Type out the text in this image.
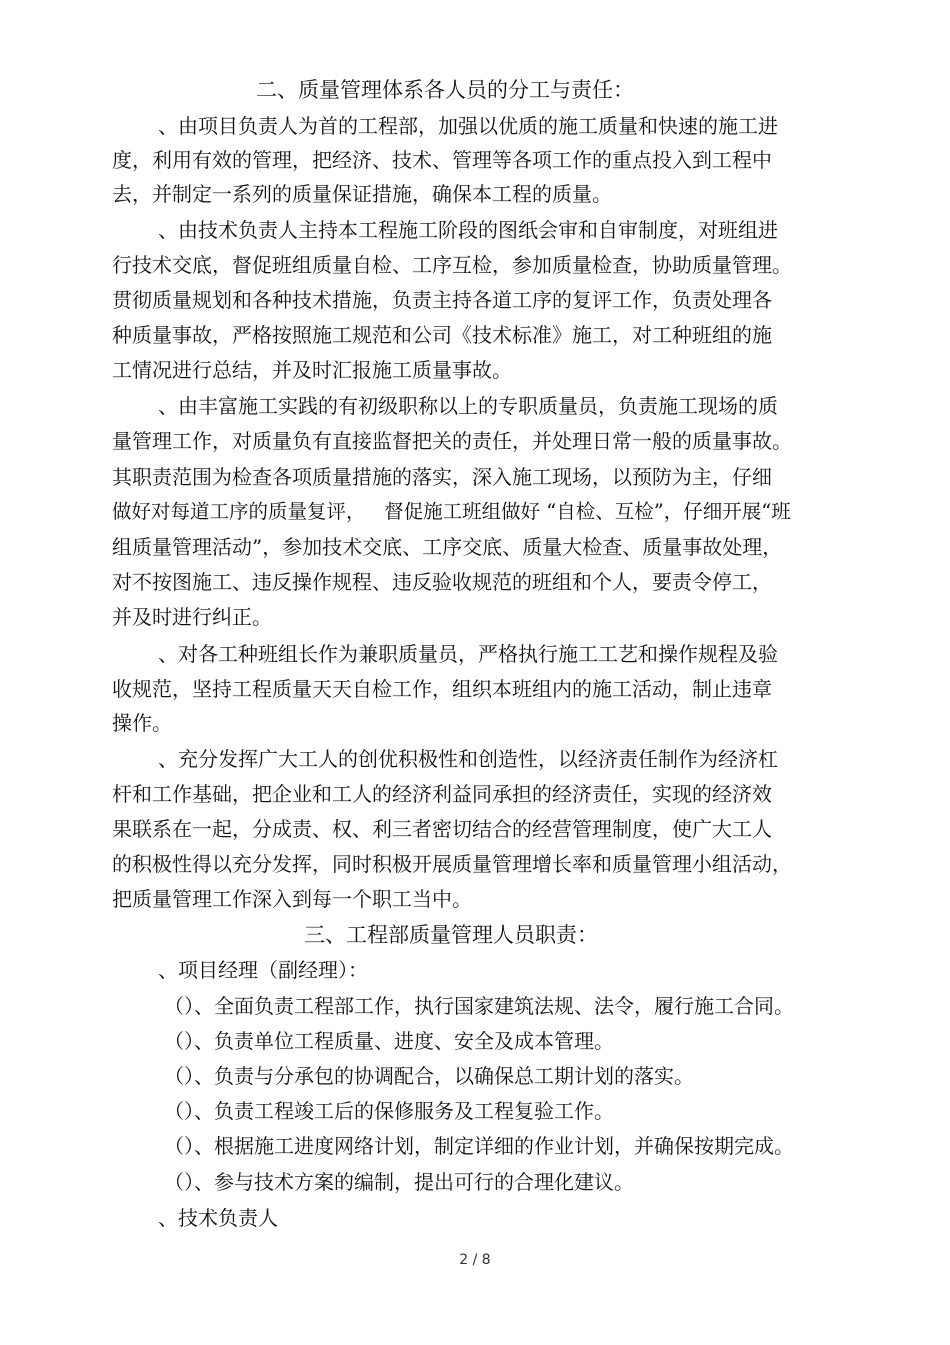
二、质量管理体系各人员的分工与责任：
、由项目负责人为首的工程部，加强以优质的施工质量和快速的施工进
度，利用有效的管理，把经济、技术、管理等各项工作的重点投入到工程中
去，并制定一系列的质量保证措施，确保本工程的质量。
、由技术负责人主持本工程施工阶段的图纸会审和自审制度，对班组进
行技术交底，督促班组质量自检、工序互检，参加质量检查，协助质量管理。
贯彻质量规划和各种技术措施，负责主持各道工序的复评工作，负责处理各
种质量事故，严格按照施工规范和公司《技术标准》施工，对工种班组的施
工情况进行总结，并及时汇报施工质量事故。
、由丰富施工实践的有初级职称以上的专职质量员，负责施工现场的质
量管理工作，对质量负有直接监督把关的责任，并处理日常一般的质量事故。
其职责范围为检查各项质量措施的落实，深入施工现场，以预防为主，仔细
做好对每道工序的质量复评，   督促施工班组做好 “自检、互检”，仔细开展“班
组质量管理活动”，参加技术交底、工序交底、质量大检查、质量事故处理，
对不按图施工、违反操作规程、违反验收规范的班组和个人，要责令停工，
并及时进行纠正。
、对各工种班组长作为兼职质量员，严格执行施工工艺和操作规程及验
收规范，坚持工程质量天天自检工作，组织本班组内的施工活动，制止违章
操作。
、充分发挥广大工人的创优积极性和创造性，以经济责任制作为经济杠
杆和工作基础，把企业和工人的经济利益同承担的经济责任，实现的经济效
果联系在一起，分成责、权、利三者密切结合的经营管理制度，使广大工人
的积极性得以充分发挥，同时积极开展质量管理增长率和质量管理小组活动，
把质量管理工作深入到每一个职工当中。
三、工程部质量管理人员职责：
、项目经理（副经理）：
（）、全面负责工程部工作，执行国家建筑法规、法令，履行施工合同。
（）、负责单位工程质量、进度、安全及成本管理。
（）、负责与分承包的协调配合，以确保总工期计划的落实。
（）、负责工程竣工后的保修服务及工程复验工作。
（）、根据施工进度网络计划，制定详细的作业计划，并确保按期完成。
（）、参与技术方案的编制，提出可行的合理化建议。
、技术负责人
2 / 8
